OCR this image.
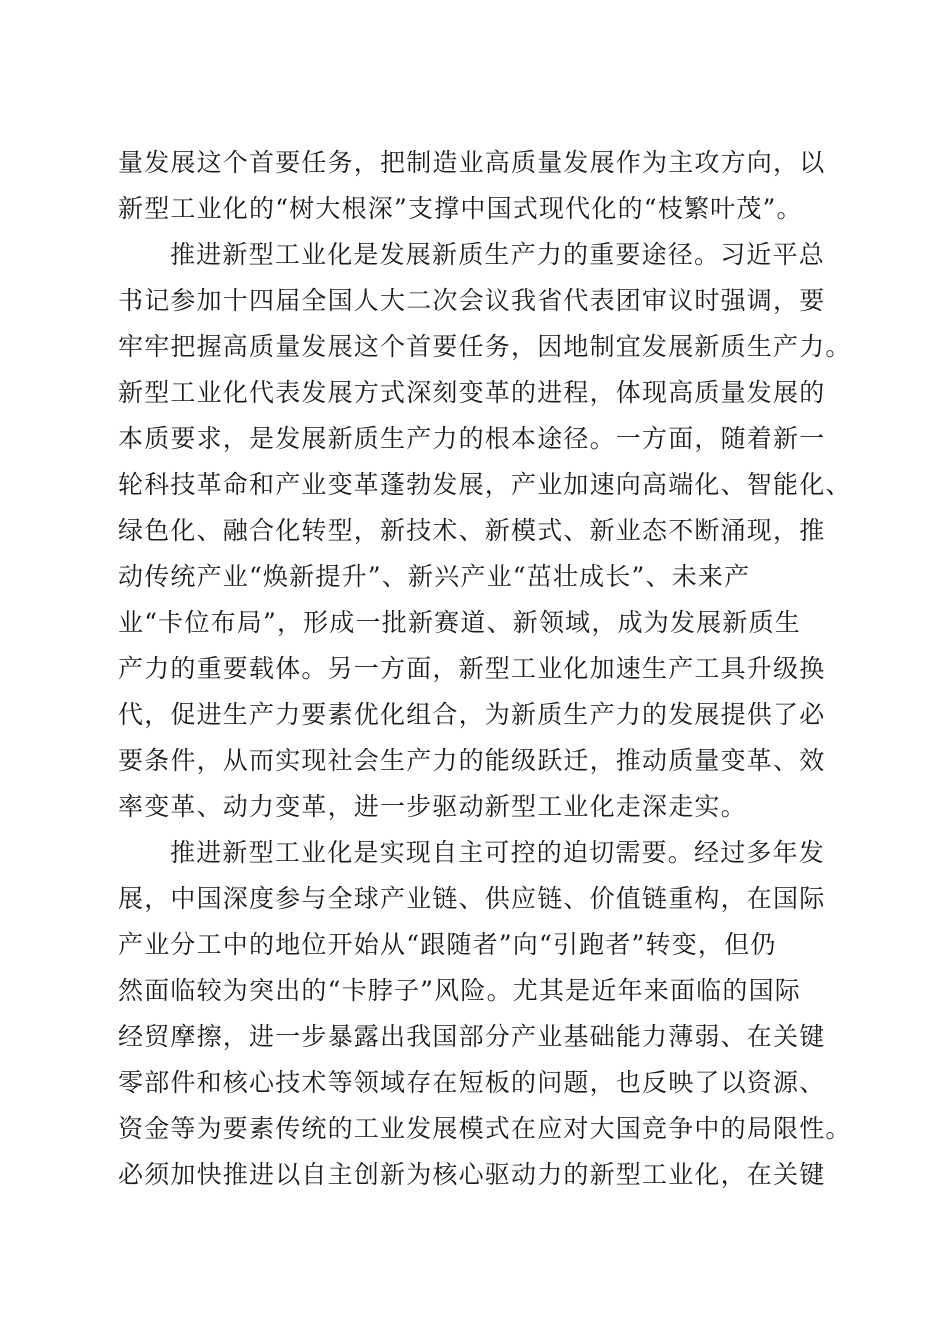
量发展这个首要任务，把制造业高质量发展作为主攻方向，以
新型工业化的“树大根深”支撑中国式现代化的“枝繁叶茂”。
推进新型工业化是发展新质生产力的重要途径。习近平总
书记参加十四届全国人大二次会议我省代表团审议时强调，要
牢牢把握高质量发展这个首要任务，因地制宜发展新质生产力。
新型工业化代表发展方式深刻变革的进程，体现高质量发展的
本质要求，是发展新质生产力的根本途径。一方面，随着新一
轮科技革命和产业变革蓬勃发展，产业加速向高端化、智能化、
绿色化、融合化转型，新技术、新模式、新业态不断涌现，推
动传统产业“焕新提升”、新兴产业“茁壮成长”、未来产
业“卡位布局”，形成一批新赛道、新领域，成为发展新质生
产力的重要载体。另一方面，新型工业化加速生产工具升级换
代，促进生产力要素优化组合，为新质生产力的发展提供了必
要条件，从而实现社会生产力的能级跃迁，推动质量变革、效
率变革、动力变革，进一步驱动新型工业化走深走实。
推进新型工业化是实现自主可控的迫切需要。经过多年发
展，中国深度参与全球产业链、供应链、价值链重构，在国际
产业分工中的地位开始从“跟随者”向“引跑者”转变，但仍
然面临较为突出的“卡脖子”风险。尤其是近年来面临的国际
经贸摩擦，进一步暴露出我国部分产业基础能力薄弱、在关键
零部件和核心技术等领域存在短板的问题，也反映了以资源、
资金等为要素传统的工业发展模式在应对大国竞争中的局限性。
必须加快推进以自主创新为核心驱动力的新型工业化，在关键
